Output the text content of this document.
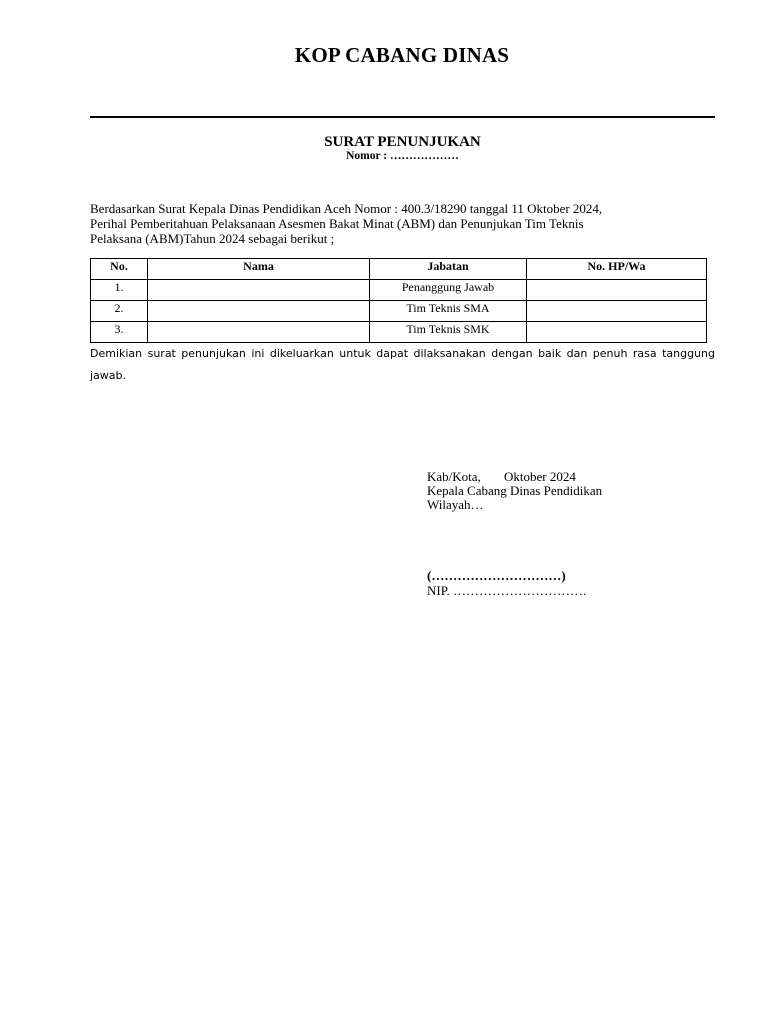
KOP CABANG DINAS
SURAT PENUNJUKAN
Nomor : ………………
Berdasarkan Surat Kepala Dinas Pendidikan Aceh Nomor : 400.3/18290 tanggal 11 Oktober 2024,
Perihal Pemberitahuan Pelaksanaan Asesmen Bakat Minat (ABM) dan Penunjukan Tim Teknis
Pelaksana (ABM)Tahun 2024 sebagai berikut ;
No.	Nama	Jabatan	No. HP/Wa
1.		Penanggung Jawab	
2.		Tim Teknis SMA	
3.		Tim Teknis SMK	
Demikian surat penunjukan ini dikeluarkan untuk dapat dilaksanakan dengan baik dan penuh rasa tanggung jawab.
Kab/Kota, Oktober 2024
Kepala Cabang Dinas Pendidikan
Wilayah…
(…………………………)
NIP. ………………………….
